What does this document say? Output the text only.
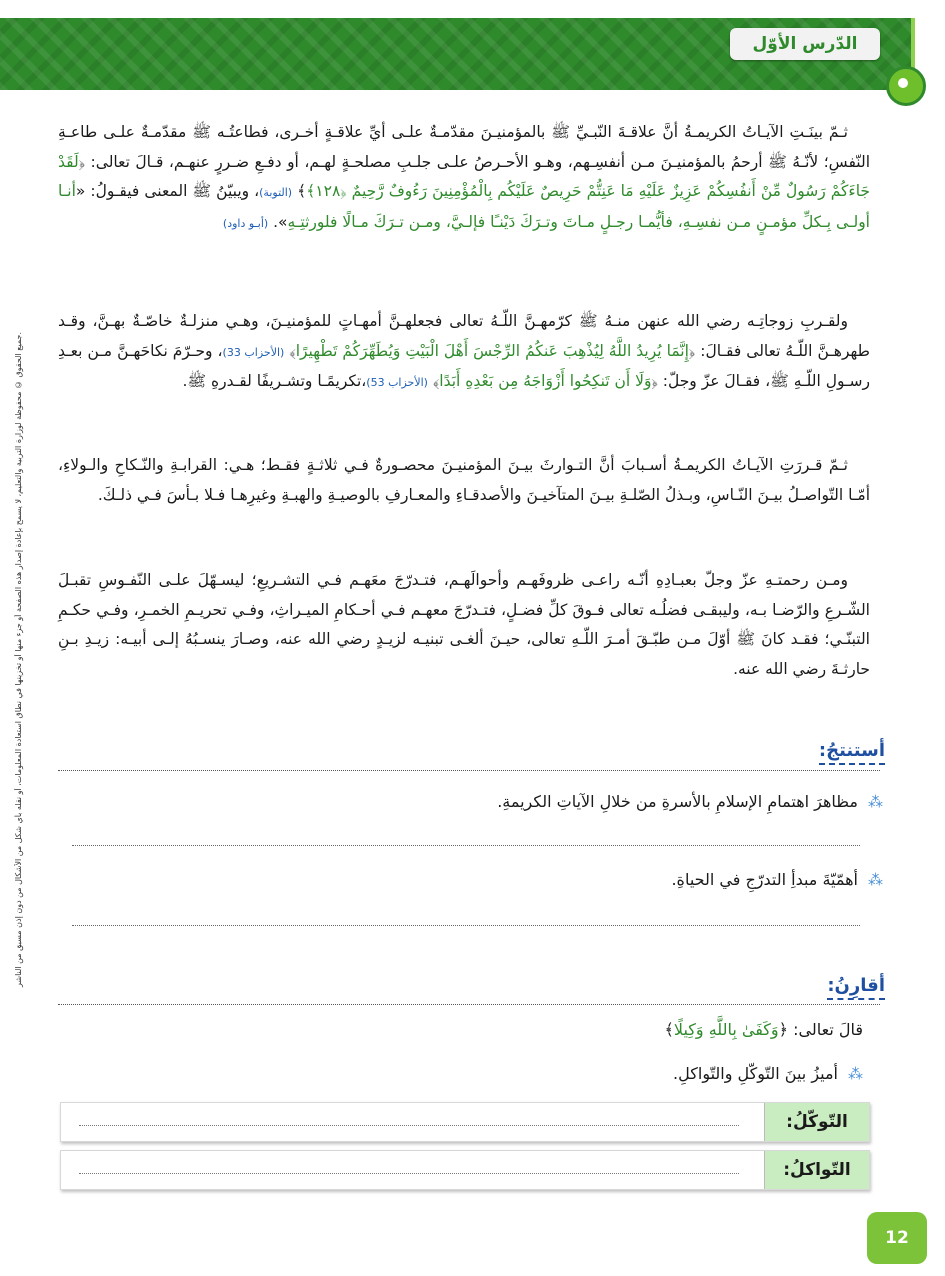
الدّرس الأوّل
جميع الحقوق © محفوظة لوزارة التربية والتعليم، لا يسمح بإعادة إصدار هذه الصفحة أو جزء منها أو تخزينها في نطاق استعادة المعلومات، أو نقله بأي شكل من الأشكال من دون إذن مسبق من الناشر.

ثـمّ بينَـتِ الآيـاتُ الكريمـةُ أنَّ علاقـةَ النّبـيِّ ﷺ بالمؤمنيـنَ مقدّمـةٌ علـى أيِّ علاقـةٍ أخـرى، فطاعتُـه ﷺ مقدّمـةٌ علـى طاعـةِ النّفسِ؛ لأنّـهُ ﷺ أرحمُ بالمؤمنيـنَ مـن أنفسِـهم، وهـو الأحـرصُ علـى جلـبِ مصلحـةٍ لهـم، أو دفـعِ ضـررٍ عنهـم، قـالَ تعالى: ﴿لَقَدْ جَاءَكُمْ رَسُولٌ مِّنْ أَنفُسِكُمْ عَزِيزٌ عَلَيْهِ مَا عَنِتُّمْ حَرِيصٌ عَلَيْكُم بِالْمُؤْمِنِينَ رَءُوفٌ رَّحِيمٌ ﴿١٢٨﴾﴾ (التوبة)، ويبيّنُ ﷺ المعنى فيقـولُ: «أنـا أولـى بِـكلِّ مؤمـنٍ مـن نفسِـهِ، فأيُّمـا رجـلٍ مـاتَ وتـرَكَ دَيْنـًا فإلـيَّ، ومـن تـرَكَ مـالًا فلورثتِـهِ». (أبـو داود)

ولقـربِ زوجاتِـه رضي الله عنهن منـهُ ﷺ كرّمهـنَّ اللّـهُ تعالى فجعلهـنَّ أمهـاتٍ للمؤمنيـنَ، وهـي منزلـةٌ خاصّـةٌ بهـنَّ، وقـد طهرهـنَّ اللّـهُ تعالى فقـالَ: ﴿إِنَّمَا يُرِيدُ اللَّهُ لِيُذْهِبَ عَنكُمُ الرِّجْسَ أَهْلَ الْبَيْتِ وَيُطَهِّرَكُمْ تَطْهِيرًا﴾ (الأحزاب 33)، وحـرّمَ نكاحَهـنَّ مـن بعـدِ رسـولِ اللّـهِ ﷺ، فقـالَ عزّ وجلّ: ﴿وَلَا أَن تَنكِحُوا أَزْوَاجَهُ مِن بَعْدِهِ أَبَدًا﴾ (الأحزاب 53)،تكريمًـا وتشـريفًا لقـدرهِ ﷺ.

ثـمّ قـررَتِ الآيـاتُ الكريمـةُ أسـبابَ أنَّ التـوارثَ بيـنَ المؤمنيـنَ محصـورةٌ فـي ثلاثـةٍ فقـط؛ هـي: القرابـةِ والنّـكاحِ والـولاءِ، أمّـا التّواصـلُ بيـنَ النّـاسِ، وبـذلُ الصّلـةِ بيـنَ المتآخيـنَ والأصدقـاءِ والمعـارفِ بالوصيـةِ والهبـةِ وغيرِهـا فـلا بـأسَ فـي ذلـكَ.

ومـن رحمتـهِ عزّ وجلّ بعبـادِهِ أنّـه راعـى ظروفَهـم وأحوالَهـم، فتـدرّجَ معَهـم فـي التشـريعِ؛ ليسـهّلَ علـى النّفـوسِ تقبـلَ الشّـرعِ والرّضـا بـه، وليبقـى فضلُـه تعالى فـوقَ كلِّ فضـلٍ، فتـدرّجَ معهـم فـي أحـكامِ الميـراثِ، وفـي تحريـمِ الخمـرِ، وفـي حكـمِ التبنّـي؛ فقـد كانَ ﷺ أوّلَ مـن طبّـقَ أمـرَ اللّـهِ تعالى، حيـنَ ألغـى تبنيـه لزيـدٍ رضي الله عنه، وصـارَ ينسـبُهُ إلـى أبيـه: زيـدِ بـنِ حارثـةَ رضي الله عنه.

أستنتجُ:
⁂
مظاهرَ اهتمامِ الإسلامِ بالأسرةِ من خلالِ الآياتِ الكريمةِ.
⁂
أهمّيّةَ مبدأِ التدرّجِ في الحياةِ.
أقارِنُ:
قالَ تعالى: ﴿وَكَفَىٰ بِاللَّهِ وَكِيلًا﴾
⁂
أميزُ بينَ التّوكّلِ والتّواكلِ.
التّوكّلُ:
التّواكلُ:
12
